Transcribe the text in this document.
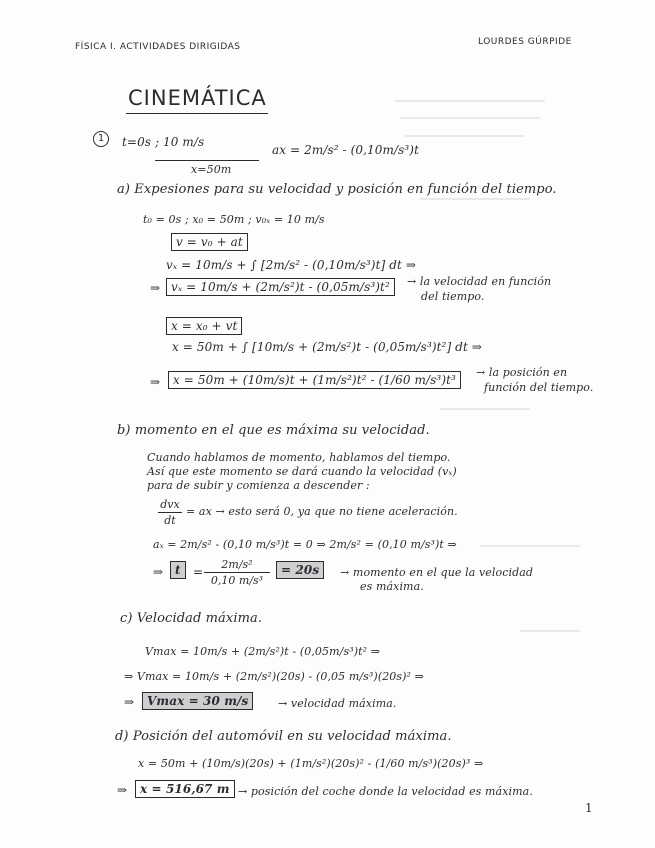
FÍSICA I. ACTIVIDADES DIRIGIDAS	LOURDES GÚRPIDE
CINEMÁTICA
1	t=0s ; 10 m/s
x=50m
ax = 2m/s² - (0,10m/s³)t
a) Expesiones para su velocidad y posición en función del tiempo.
t₀ = 0s ; x₀ = 50m ; v₀ₓ = 10 m/s
v = v₀ + at
vₓ = 10m/s + ∫ [2m/s² - (0,10m/s³)t] dt ⇒
⇒ vₓ = 10m/s + (2m/s²)t - (0,05m/s³)t²	→ la velocidad en función
del tiempo.
x = x₀ + vt
x = 50m + ∫ [10m/s + (2m/s²)t - (0,05m/s³)t²] dt ⇒
⇒	x = 50m + (10m/s)t + (1m/s²)t² - (1/60 m/s³)t³
→ la posición en
función del tiempo.
b) momento en el que es máxima su velocidad.
Cuando hablamos de momento, hablamos del tiempo.
Así que este momento se dará cuando la velocidad (vₓ)
para de subir y comienza a descender :
dvx
dt
= ax → esto será 0, ya que no tiene aceleración.
aₓ = 2m/s² - (0,10 m/s³)t = 0 ⇒ 2m/s² = (0,10 m/s³)t ⇒
⇒ t	=
2m/s²
0,10 m/s³
= 20s	→ momento en el que la velocidad
es máxima.
c) Velocidad máxima.
Vmax = 10m/s + (2m/s²)t - (0,05m/s³)t² ⇒
⇒ Vmax = 10m/s + (2m/s²)(20s) - (0,05 m/s³)(20s)² ⇒
⇒	Vmax = 30 m/s	→ velocidad máxima.
d) Posición del automóvil en su velocidad máxima.
x = 50m + (10m/s)(20s) + (1m/s²)(20s)² - (1/60 m/s³)(20s)³ ⇒
⇒	x = 516,67 m → posición del coche donde la velocidad es máxima.
1
